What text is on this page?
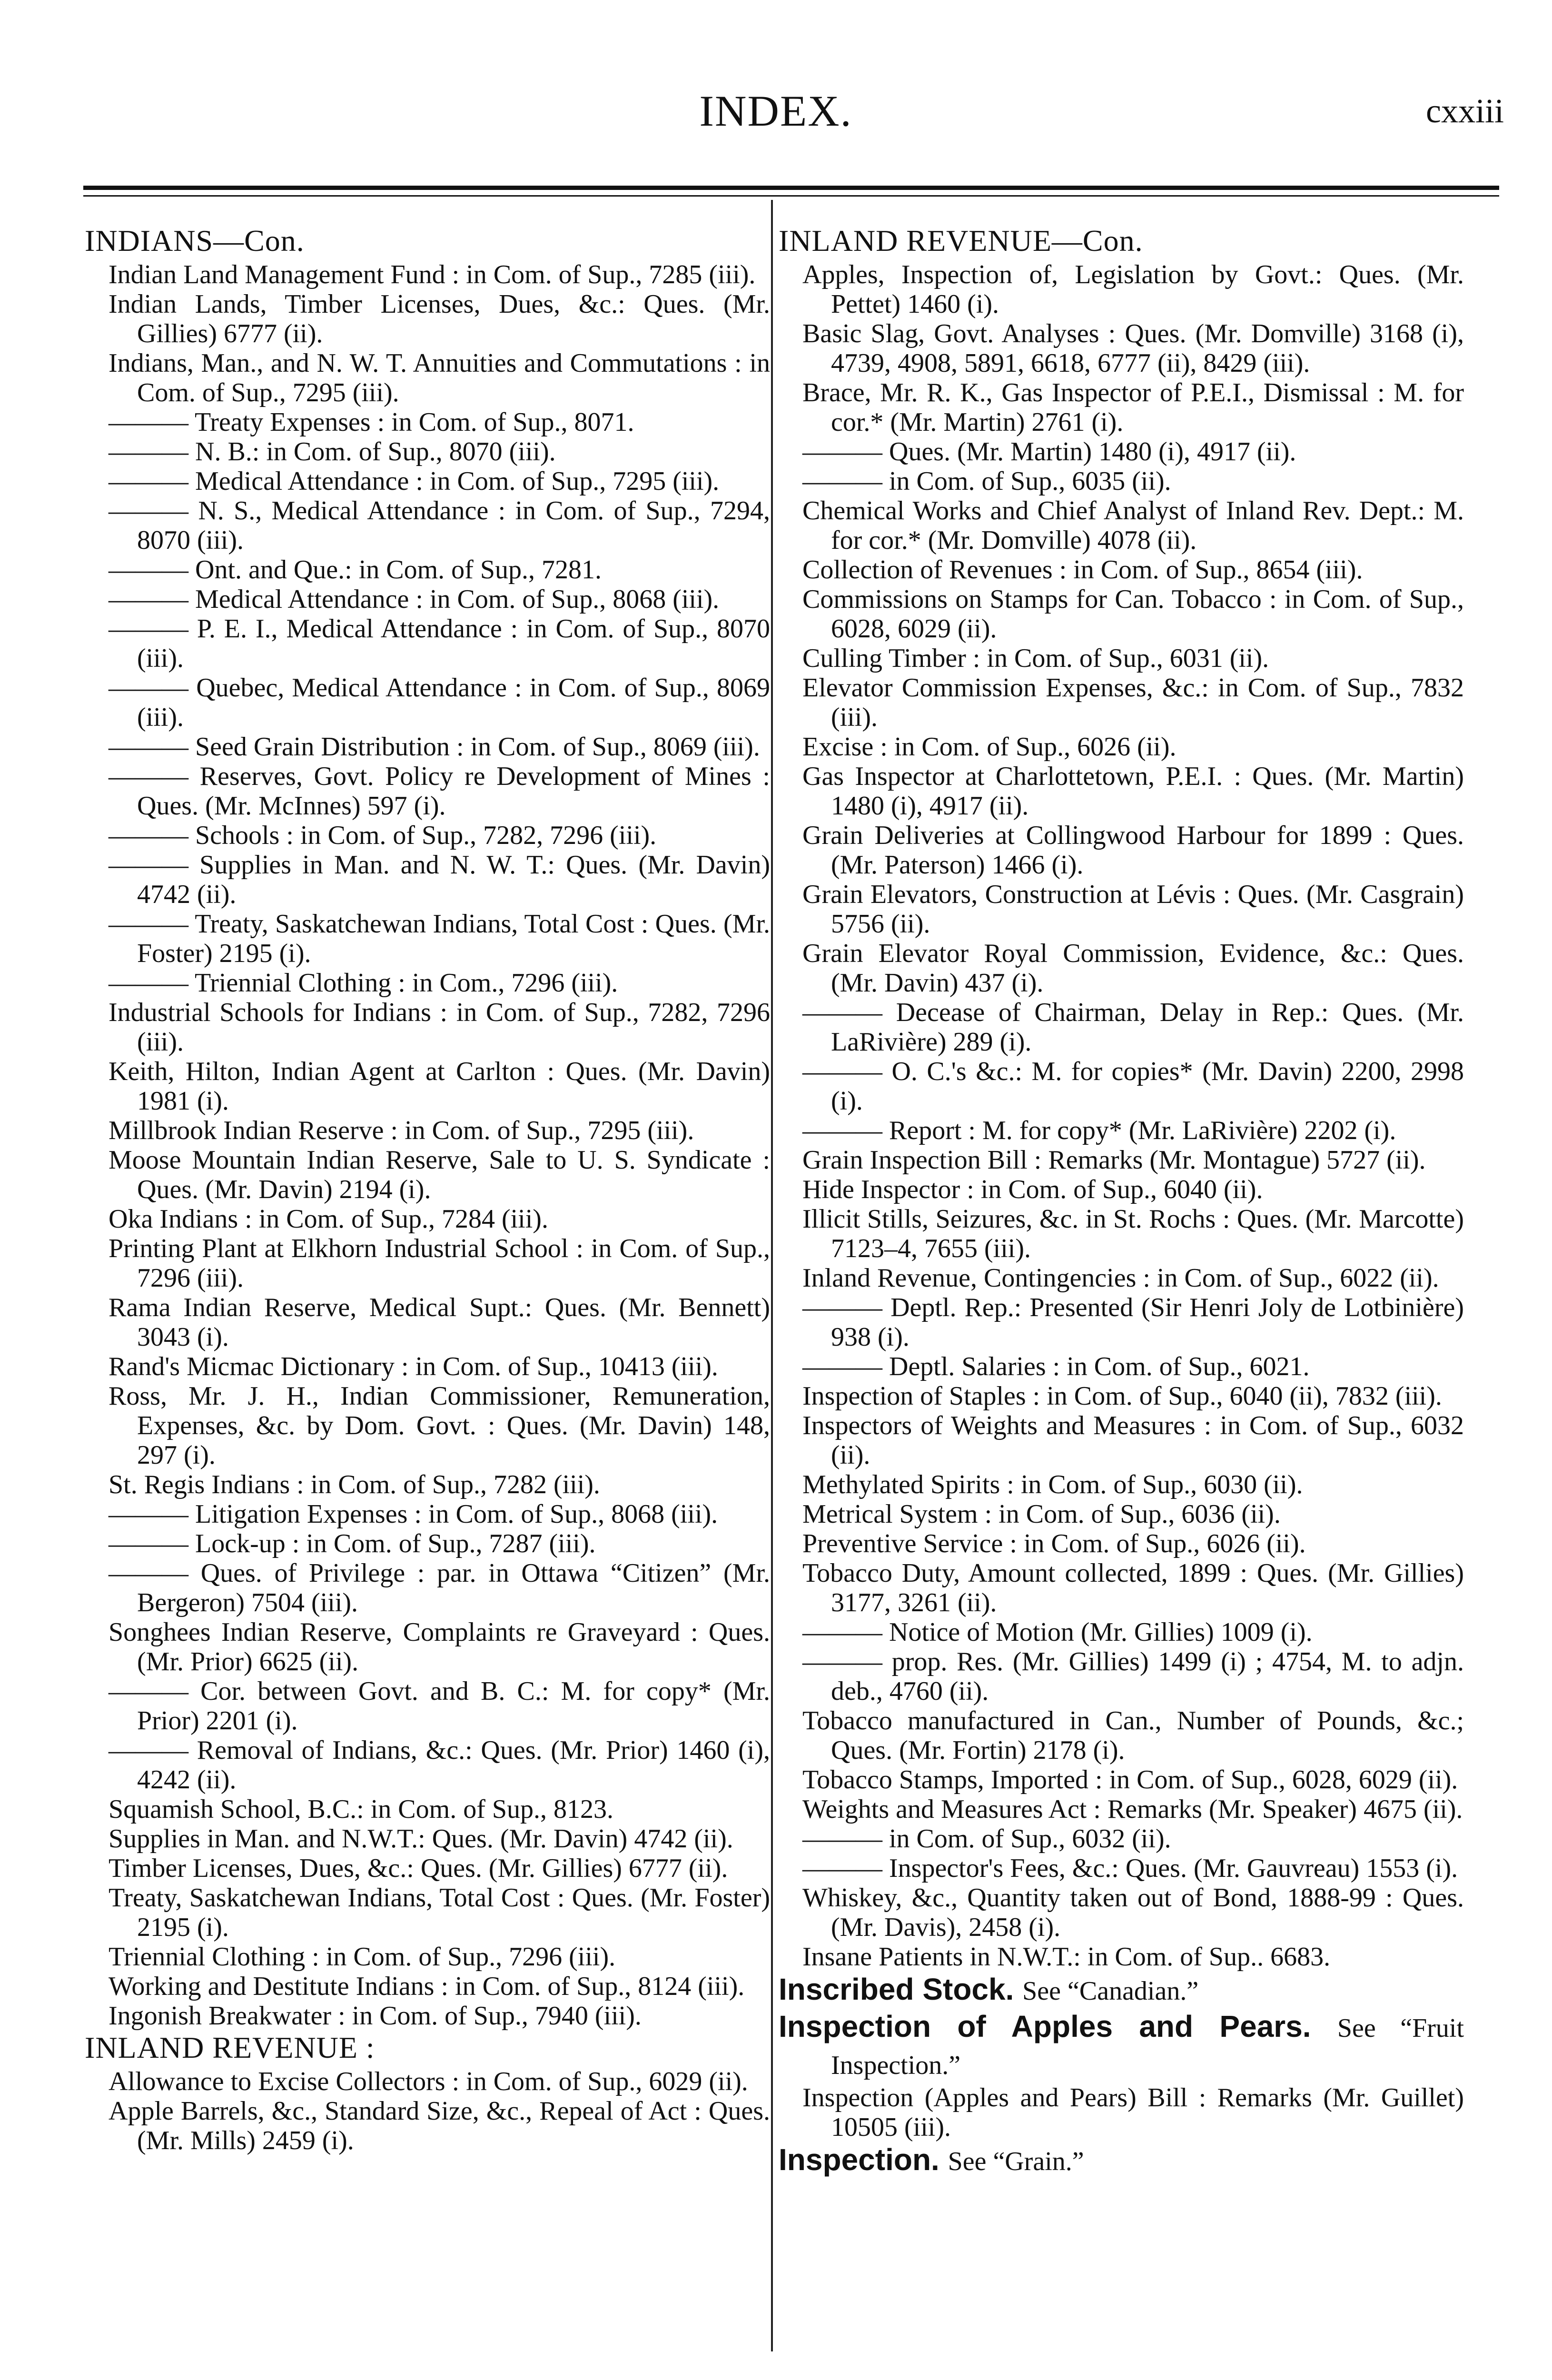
INDEX.	cxxiii
INDIANS—Con.

Indian Land Management Fund : in Com. of Sup., 7285 (iii).

Indian Lands, Timber Licenses, Dues, &c.: Ques. (Mr. Gillies) 6777 (ii).

Indians, Man., and N. W. T. Annuities and Commutations : in Com. of Sup., 7295 (iii).

——— Treaty Expenses : in Com. of Sup., 8071.

——— N. B.: in Com. of Sup., 8070 (iii).

——— Medical Attendance : in Com. of Sup., 7295 (iii).

——— N. S., Medical Attendance : in Com. of Sup., 7294, 8070 (iii).

——— Ont. and Que.: in Com. of Sup., 7281.

——— Medical Attendance : in Com. of Sup., 8068 (iii).

——— P. E. I., Medical Attendance : in Com. of Sup., 8070 (iii).

——— Quebec, Medical Attendance : in Com. of Sup., 8069 (iii).

——— Seed Grain Distribution : in Com. of Sup., 8069 (iii).

——— Reserves, Govt. Policy re Development of Mines : Ques. (Mr. McInnes) 597 (i).

——— Schools : in Com. of Sup., 7282, 7296 (iii).

——— Supplies in Man. and N. W. T.: Ques. (Mr. Davin) 4742 (ii).

——— Treaty, Saskatchewan Indians, Total Cost : Ques. (Mr. Foster) 2195 (i).

——— Triennial Clothing : in Com., 7296 (iii).

Industrial Schools for Indians : in Com. of Sup., 7282, 7296 (iii).

Keith, Hilton, Indian Agent at Carlton : Ques. (Mr. Davin) 1981 (i).

Millbrook Indian Reserve : in Com. of Sup., 7295 (iii).

Moose Mountain Indian Reserve, Sale to U. S. Syndicate : Ques. (Mr. Davin) 2194 (i).

Oka Indians : in Com. of Sup., 7284 (iii).

Printing Plant at Elkhorn Industrial School : in Com. of Sup., 7296 (iii).

Rama Indian Reserve, Medical Supt.: Ques. (Mr. Bennett) 3043 (i).

Rand's Micmac Dictionary : in Com. of Sup., 10413 (iii).

Ross, Mr. J. H., Indian Commissioner, Remuneration, Expenses, &c. by Dom. Govt. : Ques. (Mr. Davin) 148, 297 (i).

St. Regis Indians : in Com. of Sup., 7282 (iii).

——— Litigation Expenses : in Com. of Sup., 8068 (iii).

——— Lock-up : in Com. of Sup., 7287 (iii).

——— Ques. of Privilege : par. in Ottawa “Citizen” (Mr. Bergeron) 7504 (iii).

Songhees Indian Reserve, Complaints re Graveyard : Ques. (Mr. Prior) 6625 (ii).

——— Cor. between Govt. and B. C.: M. for copy* (Mr. Prior) 2201 (i).

——— Removal of Indians, &c.: Ques. (Mr. Prior) 1460 (i), 4242 (ii).

Squamish School, B.C.: in Com. of Sup., 8123.

Supplies in Man. and N.W.T.: Ques. (Mr. Davin) 4742 (ii).

Timber Licenses, Dues, &c.: Ques. (Mr. Gillies) 6777 (ii).

Treaty, Saskatchewan Indians, Total Cost : Ques. (Mr. Foster) 2195 (i).

Triennial Clothing : in Com. of Sup., 7296 (iii).

Working and Destitute Indians : in Com. of Sup., 8124 (iii).

Ingonish Breakwater : in Com. of Sup., 7940 (iii).

INLAND REVENUE :

Allowance to Excise Collectors : in Com. of Sup., 6029 (ii).

Apple Barrels, &c., Standard Size, &c., Repeal of Act : Ques. (Mr. Mills) 2459 (i).

INLAND REVENUE—Con.

Apples, Inspection of, Legislation by Govt.: Ques. (Mr. Pettet) 1460 (i).

Basic Slag, Govt. Analyses : Ques. (Mr. Domville) 3168 (i), 4739, 4908, 5891, 6618, 6777 (ii), 8429 (iii).

Brace, Mr. R. K., Gas Inspector of P.E.I., Dismissal : M. for cor.* (Mr. Martin) 2761 (i).

——— Ques. (Mr. Martin) 1480 (i), 4917 (ii).

——— in Com. of Sup., 6035 (ii).

Chemical Works and Chief Analyst of Inland Rev. Dept.: M. for cor.* (Mr. Domville) 4078 (ii).

Collection of Revenues : in Com. of Sup., 8654 (iii).

Commissions on Stamps for Can. Tobacco : in Com. of Sup., 6028, 6029 (ii).

Culling Timber : in Com. of Sup., 6031 (ii).

Elevator Commission Expenses, &c.: in Com. of Sup., 7832 (iii).

Excise : in Com. of Sup., 6026 (ii).

Gas Inspector at Charlottetown, P.E.I. : Ques. (Mr. Martin) 1480 (i), 4917 (ii).

Grain Deliveries at Collingwood Harbour for 1899 : Ques. (Mr. Paterson) 1466 (i).

Grain Elevators, Construction at Lévis : Ques. (Mr. Casgrain) 5756 (ii).

Grain Elevator Royal Commission, Evidence, &c.: Ques. (Mr. Davin) 437 (i).

——— Decease of Chairman, Delay in Rep.: Ques. (Mr. LaRivière) 289 (i).

——— O. C.'s &c.: M. for copies* (Mr. Davin) 2200, 2998 (i).

——— Report : M. for copy* (Mr. LaRivière) 2202 (i).

Grain Inspection Bill : Remarks (Mr. Montague) 5727 (ii).

Hide Inspector : in Com. of Sup., 6040 (ii).

Illicit Stills, Seizures, &c. in St. Rochs : Ques. (Mr. Marcotte) 7123–4, 7655 (iii).

Inland Revenue, Contingencies : in Com. of Sup., 6022 (ii).

——— Deptl. Rep.: Presented (Sir Henri Joly de Lotbinière) 938 (i).

——— Deptl. Salaries : in Com. of Sup., 6021.

Inspection of Staples : in Com. of Sup., 6040 (ii), 7832 (iii).

Inspectors of Weights and Measures : in Com. of Sup., 6032 (ii).

Methylated Spirits : in Com. of Sup., 6030 (ii).

Metrical System : in Com. of Sup., 6036 (ii).

Preventive Service : in Com. of Sup., 6026 (ii).

Tobacco Duty, Amount collected, 1899 : Ques. (Mr. Gillies) 3177, 3261 (ii).

——— Notice of Motion (Mr. Gillies) 1009 (i).

——— prop. Res. (Mr. Gillies) 1499 (i) ; 4754, M. to adjn. deb., 4760 (ii).

Tobacco manufactured in Can., Number of Pounds, &c.; Ques. (Mr. Fortin) 2178 (i).

Tobacco Stamps, Imported : in Com. of Sup., 6028, 6029 (ii).

Weights and Measures Act : Remarks (Mr. Speaker) 4675 (ii).

——— in Com. of Sup., 6032 (ii).

——— Inspector's Fees, &c.: Ques. (Mr. Gauvreau) 1553 (i).

Whiskey, &c., Quantity taken out of Bond, 1888-99 : Ques. (Mr. Davis), 2458 (i).

Insane Patients in N.W.T.: in Com. of Sup.. 6683.

Inscribed Stock. See “Canadian.”

Inspection of Apples and Pears. See “Fruit Inspection.”

Inspection (Apples and Pears) Bill : Remarks (Mr. Guillet) 10505 (iii).

Inspection. See “Grain.”
